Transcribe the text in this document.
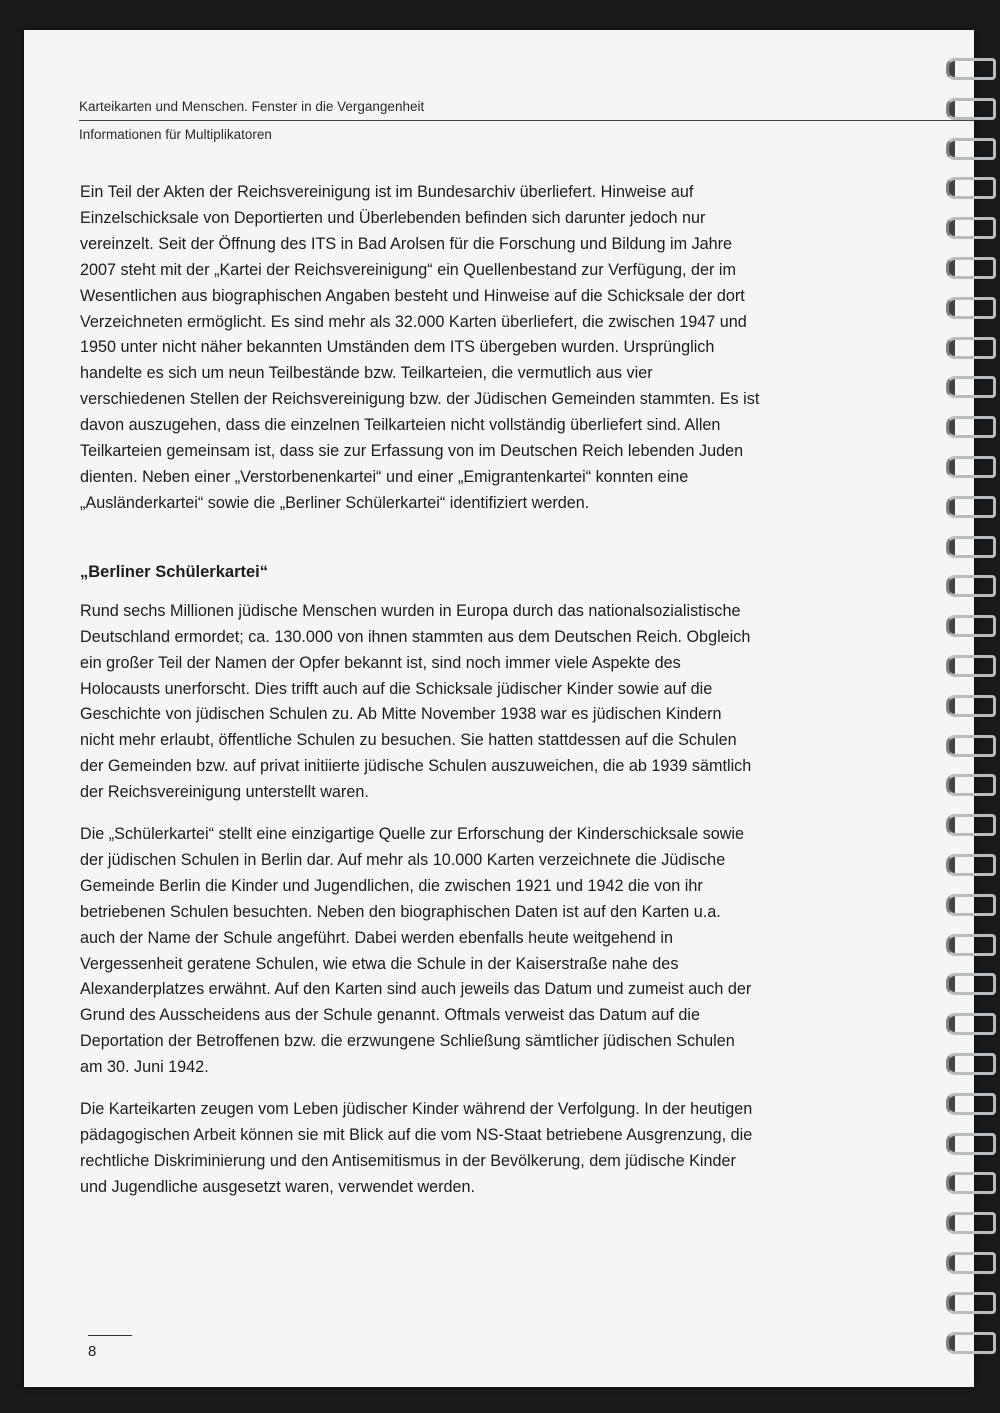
Karteikarten und Menschen. Fenster in die Vergangenheit
Informationen für Multiplikatoren

Ein Teil der Akten der Reichsvereinigung ist im Bundesarchiv überliefert. Hinweise auf Einzelschicksale von Deportierten und Überlebenden befinden sich darunter jedoch nur vereinzelt. Seit der Öffnung des ITS in Bad Arolsen für die Forschung und Bildung im Jahre 2007 steht mit der „Kartei der Reichsvereinigung“ ein Quellenbestand zur Verfügung, der im Wesentlichen aus biographischen Angaben besteht und Hinweise auf die Schicksale der dort Verzeichneten ermöglicht. Es sind mehr als 32.000 Karten überliefert, die zwischen 1947 und 1950 unter nicht näher bekannten Umständen dem ITS übergeben wurden. Ursprünglich handelte es sich um neun Teilbestände bzw. Teilkarteien, die vermutlich aus vier verschiedenen Stellen der Reichsvereinigung bzw. der Jüdischen Gemeinden stammten. Es ist davon auszugehen, dass die einzelnen Teilkarteien nicht vollständig überliefert sind. Allen Teilkarteien gemeinsam ist, dass sie zur Erfassung von im Deutschen Reich lebenden Juden dienten. Neben einer „Verstorbenenkartei“ und einer „Emigrantenkartei“ konnten eine „Ausländerkartei“ sowie die „Berliner Schülerkartei“ identifiziert werden.

„Berliner Schülerkartei“

Rund sechs Millionen jüdische Menschen wurden in Europa durch das nationalsozialistische Deutschland ermordet; ca. 130.000 von ihnen stammten aus dem Deutschen Reich. Obgleich ein großer Teil der Namen der Opfer bekannt ist, sind noch immer viele Aspekte des Holocausts unerforscht. Dies trifft auch auf die Schicksale jüdischer Kinder sowie auf die Geschichte von jüdischen Schulen zu. Ab Mitte November 1938 war es jüdischen Kindern nicht mehr erlaubt, öffentliche Schulen zu besuchen. Sie hatten stattdessen auf die Schulen der Gemeinden bzw. auf privat initiierte jüdische Schulen auszuweichen, die ab 1939 sämtlich der Reichsvereinigung unterstellt waren.

Die „Schülerkartei“ stellt eine einzigartige Quelle zur Erforschung der Kinderschicksale sowie der jüdischen Schulen in Berlin dar. Auf mehr als 10.000 Karten verzeichnete die Jüdische Gemeinde Berlin die Kinder und Jugendlichen, die zwischen 1921 und 1942 die von ihr betriebenen Schulen besuchten. Neben den biographischen Daten ist auf den Karten u.a. auch der Name der Schule angeführt. Dabei werden ebenfalls heute weitgehend in Vergessenheit geratene Schulen, wie etwa die Schule in der Kaiserstraße nahe des Alexanderplatzes erwähnt. Auf den Karten sind auch jeweils das Datum und zumeist auch der Grund des Ausscheidens aus der Schule genannt. Oftmals verweist das Datum auf die Deportation der Betroffenen bzw. die erzwungene Schließung sämtlicher jüdischen Schulen am 30. Juni 1942.

Die Karteikarten zeugen vom Leben jüdischer Kinder während der Verfolgung. In der heutigen pädagogischen Arbeit können sie mit Blick auf die vom NS-Staat betriebene Ausgrenzung, die rechtliche Diskriminierung und den Antisemitismus in der Bevölkerung, dem jüdische Kinder und Jugendliche ausgesetzt waren, verwendet werden.

8
